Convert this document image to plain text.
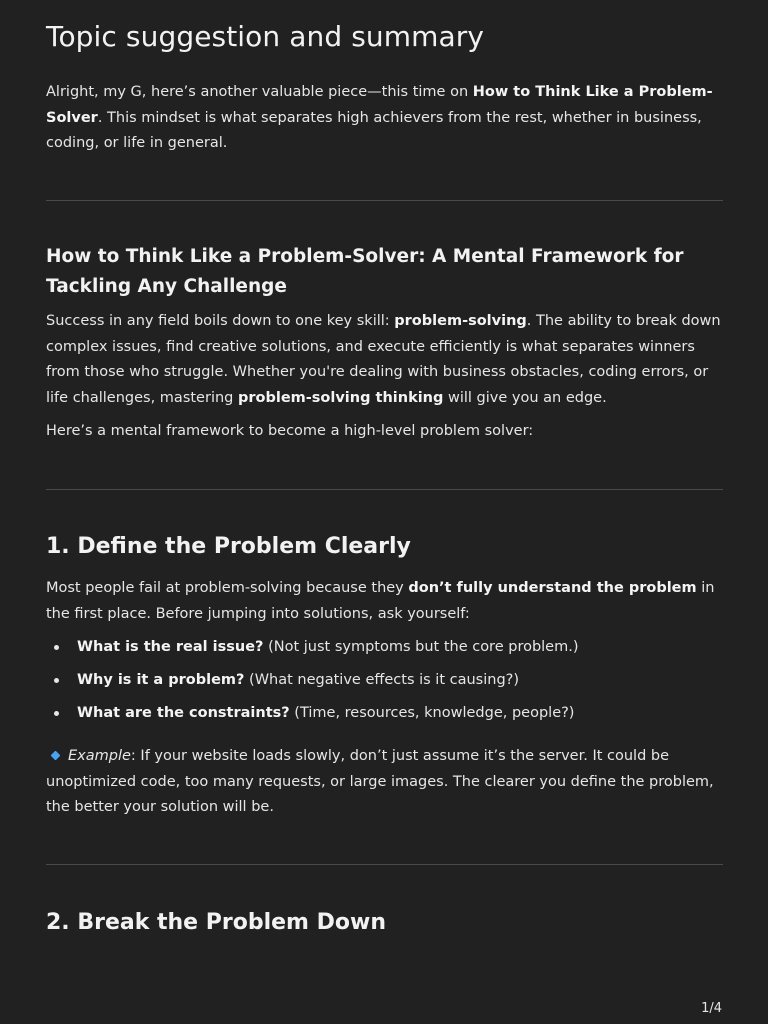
Topic suggestion and summary

Alright, my G, here’s another valuable piece—this time on How to Think Like a Problem-Solver. This mindset is what separates high achievers from the rest, whether in business, coding, or life in general.

How to Think Like a Problem-Solver: A Mental Framework for Tackling Any Challenge

Success in any field boils down to one key skill: problem-solving. The ability to break down complex issues, find creative solutions, and execute efficiently is what separates winners from those who struggle. Whether you're dealing with business obstacles, coding errors, or life challenges, mastering problem-solving thinking will give you an edge.

Here’s a mental framework to become a high-level problem solver:

1. Define the Problem Clearly

Most people fail at problem-solving because they don’t fully understand the problem in the first place. Before jumping into solutions, ask yourself:

What is the real issue? (Not just symptoms but the core problem.)
Why is it a problem? (What negative effects is it causing?)
What are the constraints? (Time, resources, knowledge, people?)

Example: If your website loads slowly, don’t just assume it’s the server. It could be unoptimized code, too many requests, or large images. The clearer you define the problem, the better your solution will be.

2. Break the Problem Down
1/4
